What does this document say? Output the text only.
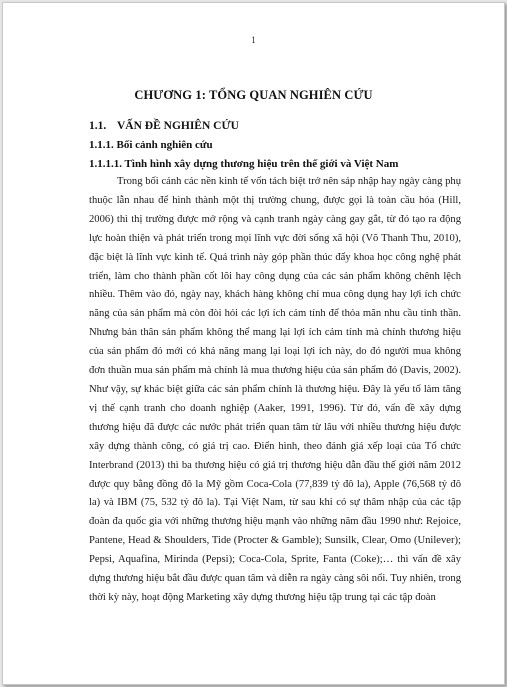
1
CHƯƠNG 1: TỔNG QUAN NGHIÊN CỨU
1.1. VẤN ĐỀ NGHIÊN CỨU
1.1.1. Bối cảnh nghiên cứu
1.1.1.1. Tình hình xây dựng thương hiệu trên thế giới và Việt Nam

Trong bối cảnh các nền kinh tế vốn tách biệt trở nên sáp nhập hay ngày càng phụ thuộc lẫn nhau để hình thành một thị trường chung, được gọi là toàn cầu hóa (Hill, 2006) thì thị trường được mở rộng và cạnh tranh ngày càng gay gắt, từ đó tạo ra động lực hoàn thiện và phát triển trong mọi lĩnh vực đời sống xã hội (Võ Thanh Thu, 2010), đặc biệt là lĩnh vực kinh tế. Quá trình này góp phần thúc đẩy khoa học công nghệ phát triển, làm cho thành phần cốt lõi hay công dụng của các sản phẩm không chênh lệch nhiều. Thêm vào đó, ngày nay, khách hàng không chỉ mua công dụng hay lợi ích chức năng của sản phẩm mà còn đòi hỏi các lợi ích cảm tính để thỏa mãn nhu cầu tinh thần. Nhưng bản thân sản phẩm không thể mang lại lợi ích cảm tính mà chính thương hiệu của sản phẩm đó mới có khả năng mang lại loại lợi ích này, do đó người mua không đơn thuần mua sản phẩm mà chính là mua thương hiệu của sản phẩm đó (Davis, 2002). Như vậy, sự khác biệt giữa các sản phẩm chính là thương hiệu. Đây là yếu tố làm tăng vị thế cạnh tranh cho doanh nghiệp (Aaker, 1991, 1996). Từ đó, vấn đề xây dựng thương hiệu đã được các nước phát triển quan tâm từ lâu với nhiều thương hiệu được xây dựng thành công, có giá trị cao. Điển hình, theo đánh giá xếp loại của Tổ chức Interbrand (2013) thì ba thương hiệu có giá trị thương hiệu dẫn đầu thế giới năm 2012 được quy bằng đồng đô la Mỹ gồm Coca-Cola (77,839 tỷ đô la), Apple (76,568 tỷ đô la) và IBM (75, 532 tỷ đô la). Tại Việt Nam, từ sau khi có sự thâm nhập của các tập đoàn đa quốc gia với những thương hiệu mạnh vào những năm đầu 1990 như: Rejoice, Pantene, Head & Shoulders, Tide (Procter & Gamble); Sunsilk, Clear, Omo (Unilever); Pepsi, Aquafina, Mirinda (Pepsi); Coca-Cola, Sprite, Fanta (Coke);… thì vấn đề xây dựng thương hiệu bắt đầu được quan tâm và diễn ra ngày càng sôi nổi. Tuy nhiên, trong thời kỳ này, hoạt động Marketing xây dựng thương hiệu tập trung tại các tập đoàn
